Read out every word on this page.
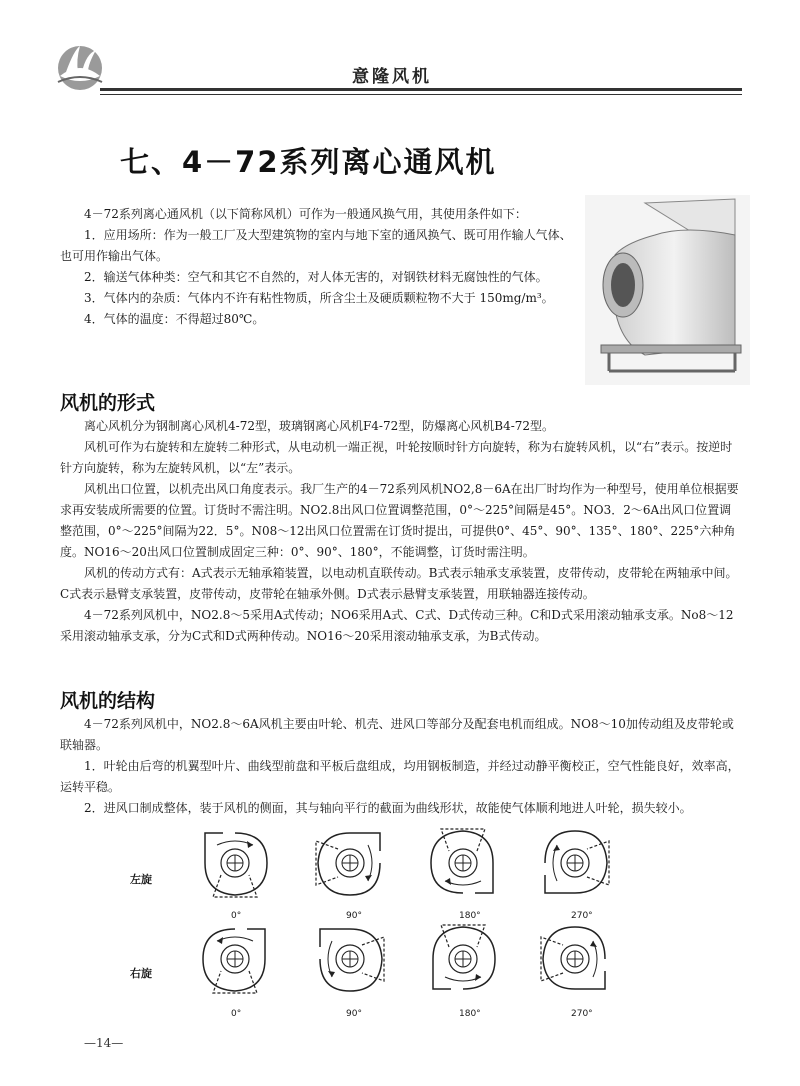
意隆风机
七、4－72系列离心通风机
4－72系列离心通风机（以下简称风机）可作为一般通风换气用，其使用条件如下：
1．应用场所：作为一般工厂及大型建筑物的室内与地下室的通风换气、既可用作输人气体、也可用作输出气体。
2．输送气体种类：空气和其它不自然的，对人体无害的，对钢铁材料无腐蚀性的气体。
3．气体内的杂质：气体内不许有粘性物质，所含尘土及硬质颗粒物不大于 150mg/m³。
4．气体的温度：不得超过80℃。
风机的形式
离心风机分为钢制离心风机4-72型，玻璃钢离心风机F4-72型，防爆离心风机B4-72型。
风机可作为右旋转和左旋转二种形式，从电动机一端正视，叶轮按顺时针方向旋转，称为右旋转风机，以“右”表示。按逆时针方向旋转，称为左旋转风机，以“左”表示。
风机出口位置，以机壳出风口角度表示。我厂生产的4－72系列风机NO2,8－6A在出厂时均作为一种型号，使用单位根据要求再安装成所需要的位置。订货时不需注明。NO2.8出风口位置调整范围，0°～225°间隔是45°。NO3．2～6A出风口位置调整范围，0°～225°间隔为22．5°。N08～12出风口位置需在订货时提出，可提供0°、45°、90°、135°、180°、225°六种角度。NO16～20出风口位置制成固定三种：0°、90°、180°，不能调整，订货时需注明。
风机的传动方式有：A式表示无轴承箱装置，以电动机直联传动。B式表示轴承支承装置，皮带传动，皮带轮在两轴承中间。C式表示悬臂支承装置，皮带传动，皮带轮在轴承外侧。D式表示悬臂支承装置，用联轴器连接传动。
4－72系列风机中，NO2.8～5采用A式传动；NO6采用A式、C式、D式传动三种。C和D式采用滚动轴承支承。No8～12采用滚动轴承支承，分为C式和D式两种传动。NO16～20采用滚动轴承支承，为B式传动。
风机的结构
4－72系列风机中，NO2.8～6A风机主要由叶轮、机壳、进风口等部分及配套电机而组成。NO8～10加传动组及皮带轮或联轴器。
1．叶轮由后弯的机翼型叶片、曲线型前盘和平板后盘组成，均用钢板制造，并经过动静平衡校正，空气性能良好，效率高，运转平稳。
2．进风口制成整体，装于风机的侧面，其与轴向平行的截面为曲线形状，故能使气体顺利地进人叶轮，损失较小。
左旋
右旋
0°	90°	180°	270°
0°	90°	180°	270°
—14—
